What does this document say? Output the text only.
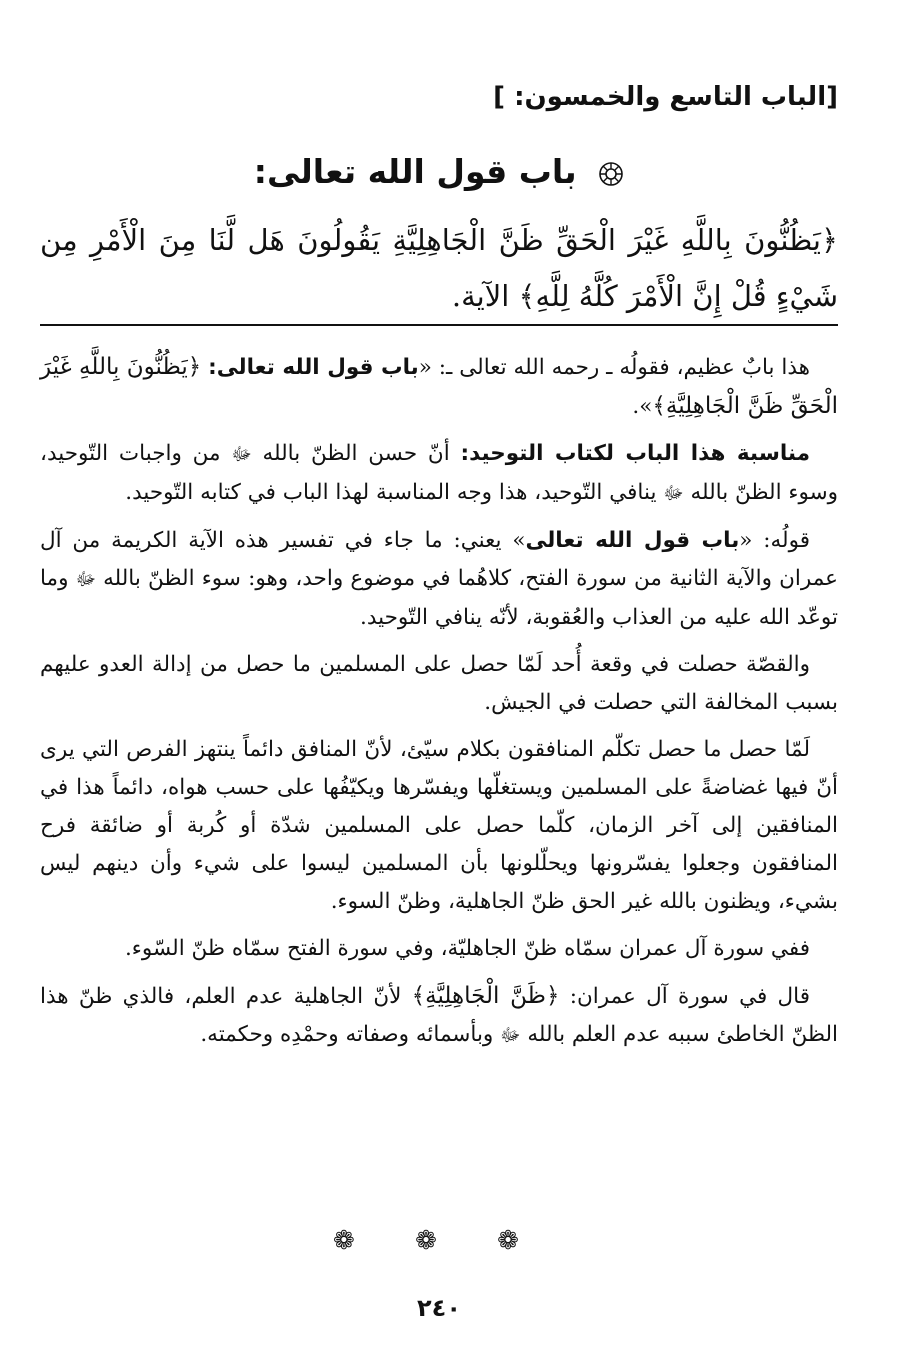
[الباب التاسع والخمسون: ]
باب قول الله تعالى:
﴿يَظُنُّونَ بِاللَّهِ غَيْرَ الْحَقِّ ظَنَّ الْجَاهِلِيَّةِ يَقُولُونَ هَل لَّنَا مِنَ الْأَمْرِ مِن شَيْءٍ قُلْ إِنَّ الْأَمْرَ كُلَّهُ لِلَّهِ﴾ الآية.

هذا بابٌ عظيم، فقولُه ـ رحمه الله تعالى ـ: «باب قول الله تعالى: ﴿يَظُنُّونَ بِاللَّهِ غَيْرَ الْحَقِّ ظَنَّ الْجَاهِلِيَّةِ﴾».

مناسبة هذا الباب لكتاب التوحيد: أنّ حسن الظنّ بالله ﷻ من واجبات التّوحيد، وسوء الظنّ بالله ﷻ ينافي التّوحيد، هذا وجه المناسبة لهذا الباب في كتابه التّوحيد.

قولُه: «باب قول الله تعالى» يعني: ما جاء في تفسير هذه الآية الكريمة من آل عمران والآية الثانية من سورة الفتح، كلاهُما في موضوع واحد، وهو: سوء الظنّ بالله ﷻ وما توعّد الله عليه من العذاب والعُقوبة، لأنّه ينافي التّوحيد.

والقصّة حصلت في وقعة أُحد لَمّا حصل على المسلمين ما حصل من إدالة العدو عليهم بسبب المخالفة التي حصلت في الجيش.

لَمّا حصل ما حصل تكلّم المنافقون بكلام سيّئ، لأنّ المنافق دائماً ينتهز الفرص التي يرى أنّ فيها غضاضةً على المسلمين ويستغلّها ويفسّرها ويكيّفُها على حسب هواه، دائماً هذا في المنافقين إلى آخر الزمان، كلّما حصل على المسلمين شدّة أو كُربة أو ضائقة فرح المنافقون وجعلوا يفسّرونها ويحلّلونها بأن المسلمين ليسوا على شيء وأن دينهم ليس بشيء، ويظنون بالله غير الحق ظنّ الجاهلية، وظنّ السوء.

ففي سورة آل عمران سمّاه ظنّ الجاهليّة، وفي سورة الفتح سمّاه ظنّ السّوء.

قال في سورة آل عمران: ﴿ظَنَّ الْجَاهِلِيَّةِ﴾ لأنّ الجاهلية عدم العلم، فالذي ظنّ هذا الظنّ الخاطئ سببه عدم العلم بالله ﷻ وبأسمائه وصفاته وحمْدِه وحكمته.

❁ ❁ ❁
٢٤٠
